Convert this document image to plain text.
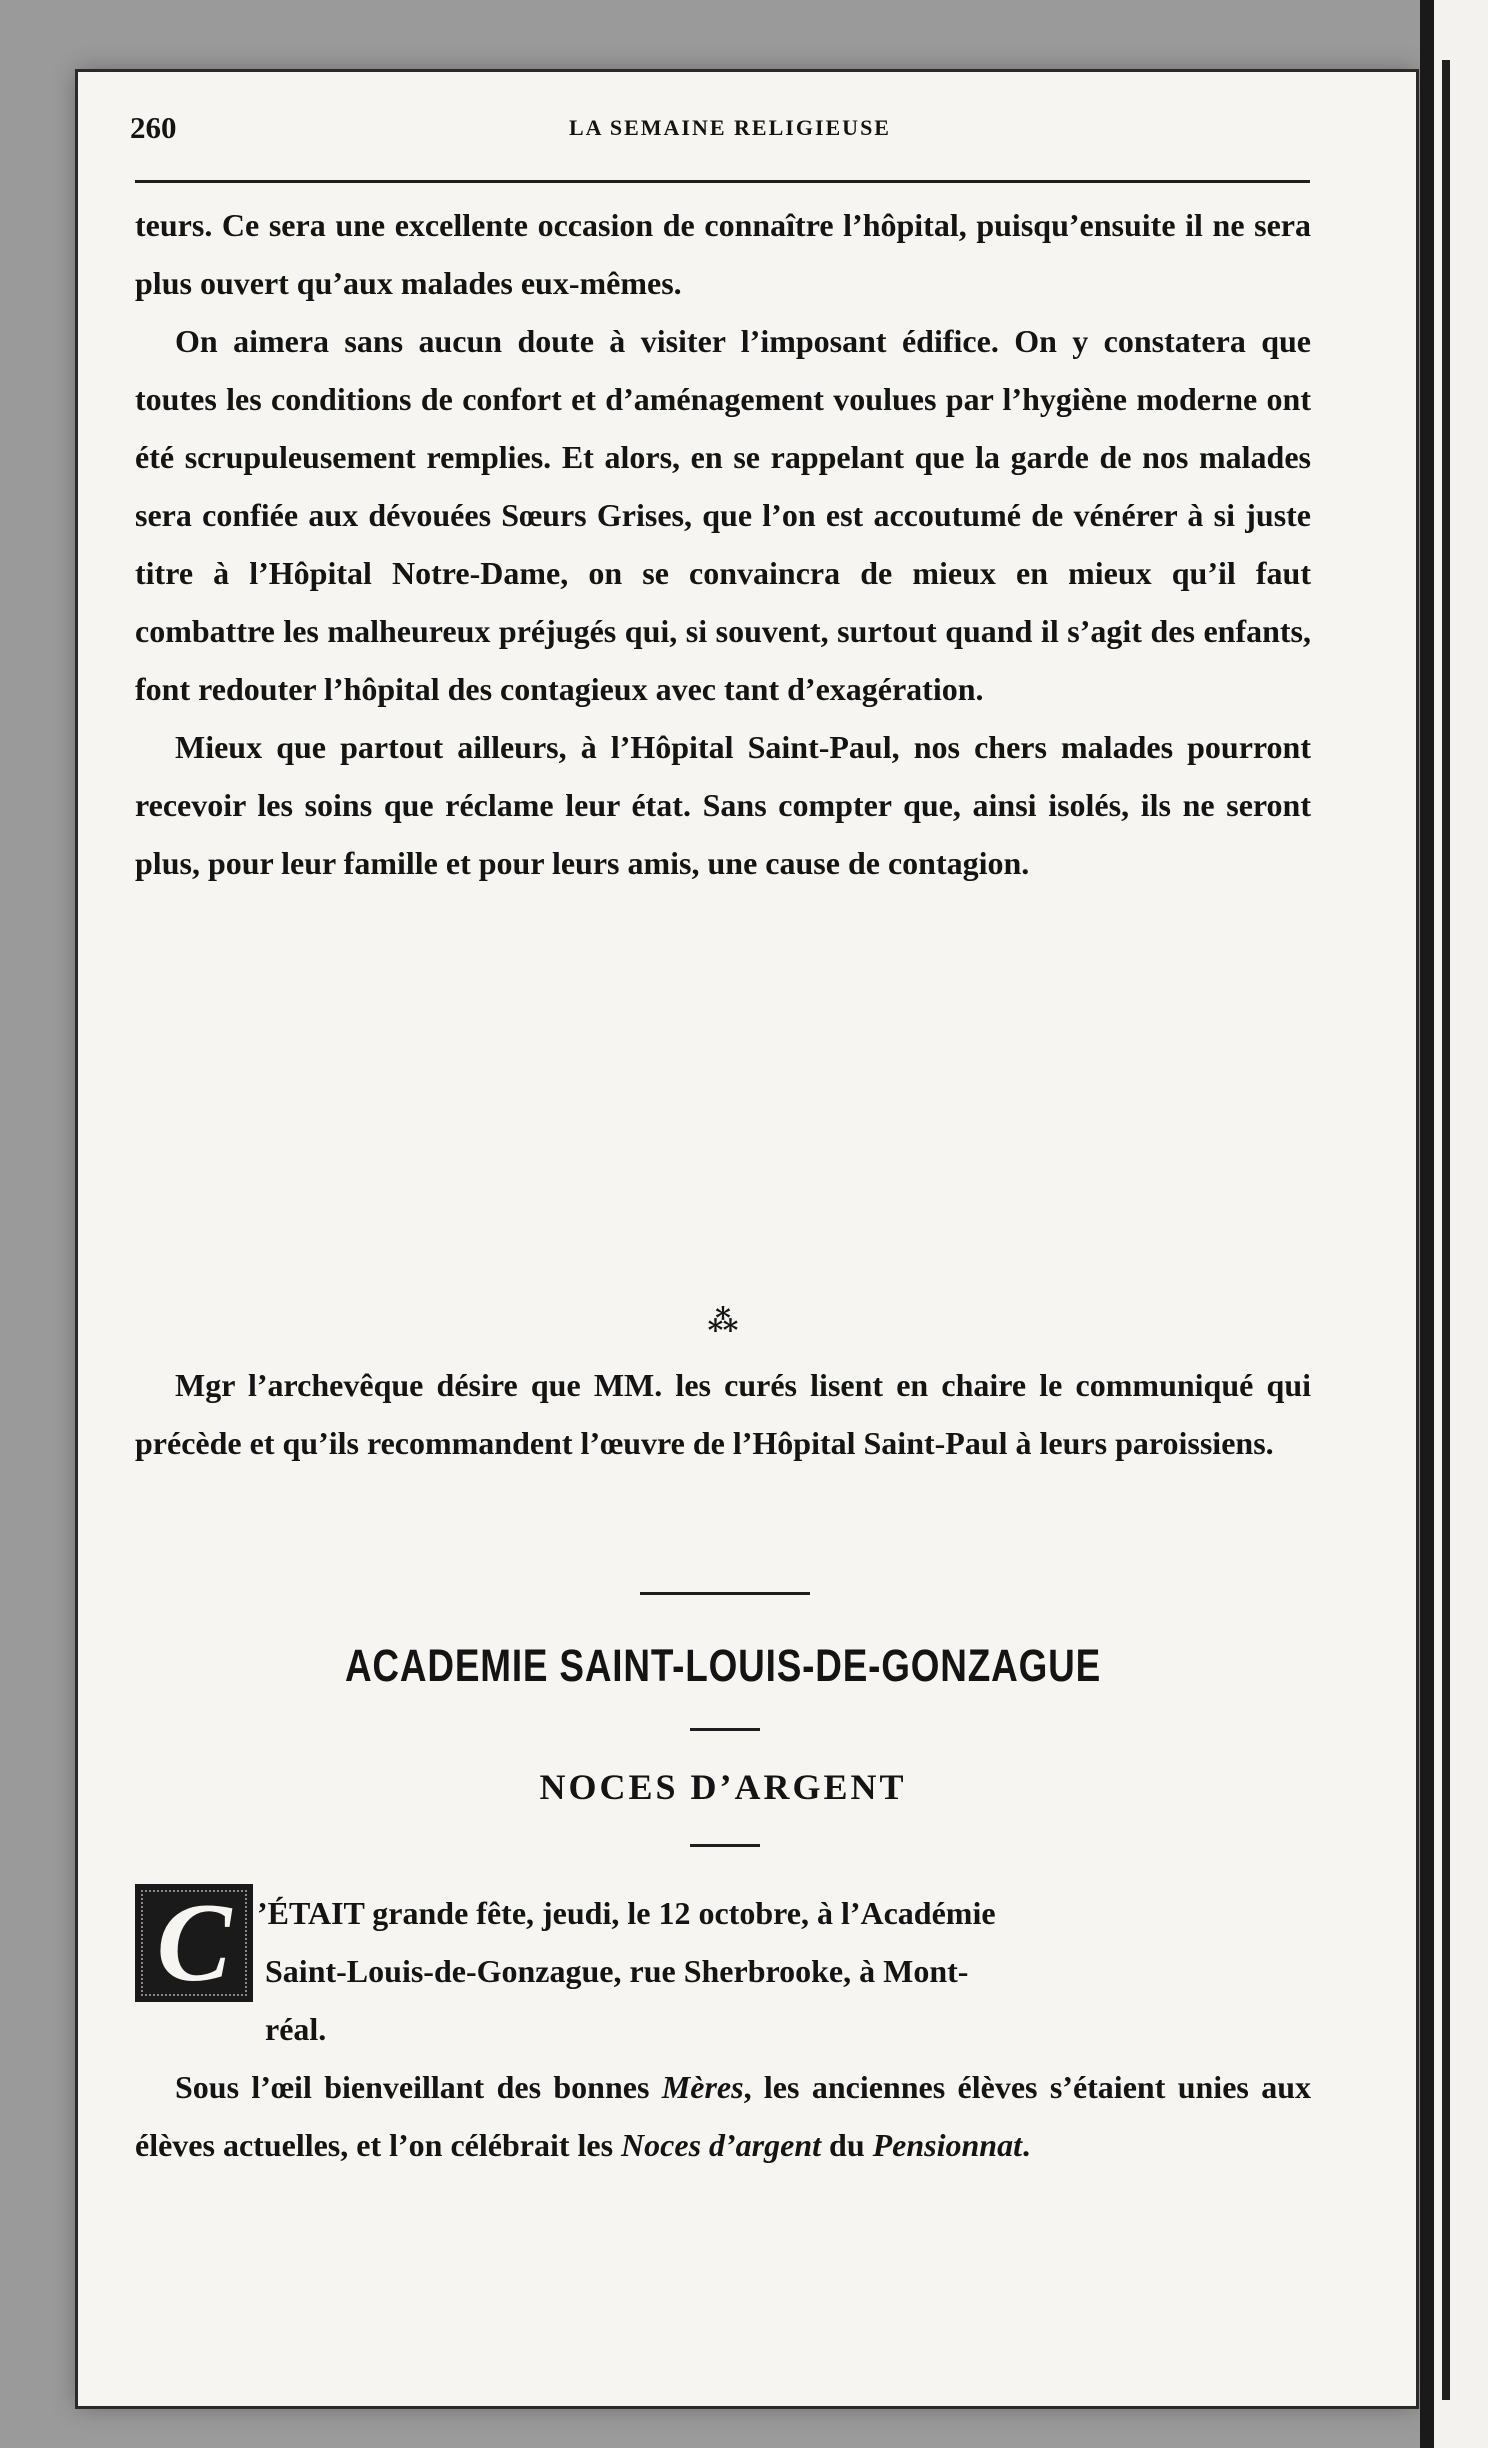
260	LA SEMAINE RELIGIEUSE

teurs. Ce sera une excellente occasion de connaître l’hôpital, puisqu’ensuite il ne sera plus ouvert qu’aux malades eux-mêmes.

On aimera sans aucun doute à visiter l’imposant édifice. On y constatera que toutes les conditions de confort et d’aménagement voulues par l’hygiène moderne ont été scrupuleusement remplies. Et alors, en se rappelant que la garde de nos malades sera confiée aux dévouées Sœurs Grises, que l’on est accoutumé de vénérer à si juste titre à l’Hôpital Notre-Dame, on se convaincra de mieux en mieux qu’il faut combattre les malheureux préjugés qui, si souvent, surtout quand il s’agit des enfants, font redouter l’hôpital des contagieux avec tant d’exagération.

Mieux que partout ailleurs, à l’Hôpital Saint-Paul, nos chers malades pourront recevoir les soins que réclame leur état. Sans compter que, ainsi isolés, ils ne seront plus, pour leur famille et pour leurs amis, une cause de contagion.

⁂

Mgr l’archevêque désire que MM. les curés lisent en chaire le communiqué qui précède et qu’ils recommandent l’œuvre de l’Hôpital Saint-Paul à leurs paroissiens.

ACADEMIE SAINT-LOUIS-DE-GONZAGUE
NOCES D’ARGENT
C ’ÉTAIT grande fête, jeudi, le 12 octobre, à l’Académie

Saint-Louis-de-Gonzague, rue Sherbrooke, à Mont-

réal.

Sous l’œil bienveillant des bonnes Mères, les anciennes élèves s’étaient unies aux élèves actuelles, et l’on célébrait les Noces d’argent du Pensionnat.
